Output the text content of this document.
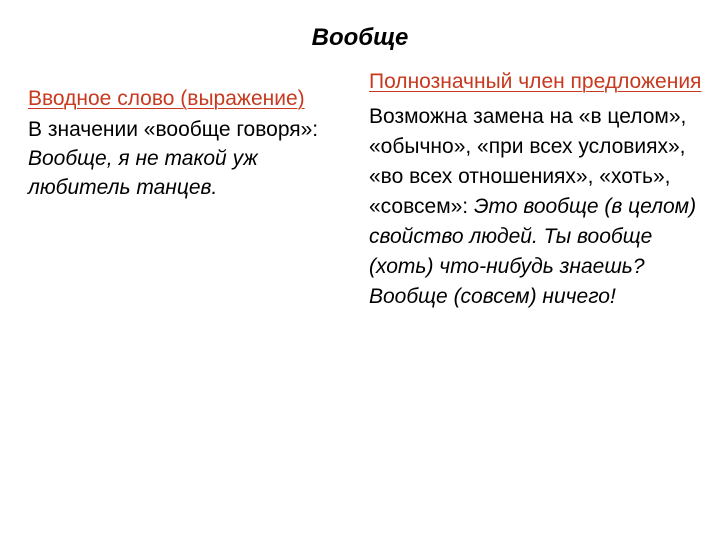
Вообще
Вводное слово (выражение)
В значении «вообще говоря»: Вообще, я не такой уж любитель танцев.
Полнозначный член предложения
Возможна замена на «в целом», «обычно», «при всех условиях», «во всех отношениях», «хоть», «совсем»: Это вообще (в целом) свойство людей. Ты вообще (хоть) что-нибудь знаешь? Вообще (совсем) ничего!
